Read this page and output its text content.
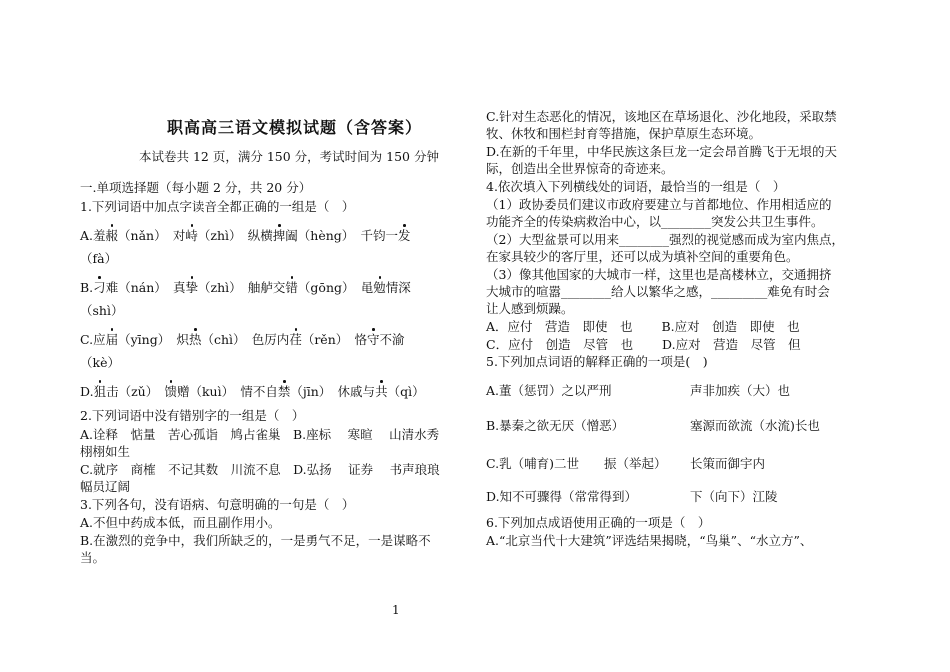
职高高三语文模拟试题（含答案）
本试卷共 12 页，满分 150 分，考试时间为 150 分钟
一.单项选择题（每小题 2 分，共 20 分）
1.下列词语中加点字读音全都正确的一组是（　）
A.羞赧（nǎn）　对峙（zhì）　纵横捭阖（hèng）　千钧一发
（fà）
B.刁难（nán）　真挚（zhì）　舳舻交错（gōng）　黾勉情深
（shì）
C.应届（yīng）　炽热（chì）　色厉内荏（rěn）　恪守不渝
（kè）
D.狙击（zǔ）　馈赠（kuì）　情不自禁（jīn）　休戚与共（qì）
2.下列词语中没有错别字的一组是（　）
A.诠释　惦量　苦心孤诣　鸠占雀巢　B.座标　 寒暄　 山清水秀
栩栩如生
C.就序　商榷　不记其数　川流不息　D.弘扬　 证券　 书声琅琅
幅员辽阔
3.下列各句，没有语病、句意明确的一句是（　）
A.不但中药成本低，而且副作用小。
B.在激烈的竞争中，我们所缺乏的，一是勇气不足，一是谋略不
当。
C.针对生态恶化的情况，该地区在草场退化、沙化地段，采取禁
牧、休牧和围栏封育等措施，保护草原生态环境。
D.在新的千年里，中华民族这条巨龙一定会昂首腾飞于无垠的天
际，创造出全世界惊奇的奇迹来。
4.依次填入下列横线处的词语，最恰当的一组是（　）
（1）政协委员们建议市政府要建立与首都地位、作用相适应的
功能齐全的传染病救治中心，以________突发公共卫生事件。
（2）大型盆景可以用来________强烈的视觉感而成为室内焦点，
在家具较少的客厅里，还可以成为填补空间的重要角色。
（3）像其他国家的大城市一样，这里也是高楼林立，交通拥挤
大城市的喧嚣________给人以繁华之感，_________难免有时会
让人感到烦躁。
A．应付　营造　即使　也　　 B.应对　创造　即使　也
C．应付　创造　尽管　也　　 D.应对　营造　尽管　但
5.下列加点词语的解释正确的一项是(　)
A.董（惩罚）之以严刑	声非加疾（大）也
B.暴秦之欲无厌（憎恶）	塞源而欲流（水流)长也
C.乳（哺育)二世　　振（举起） 长策而御宇内
D.知不可骤得（常常得到）	下（向下）江陵
6.下列加点成语使用正确的一项是（　）
A.“北京当代十大建筑”评选结果揭晓，“鸟巢”、“水立方”、
1
